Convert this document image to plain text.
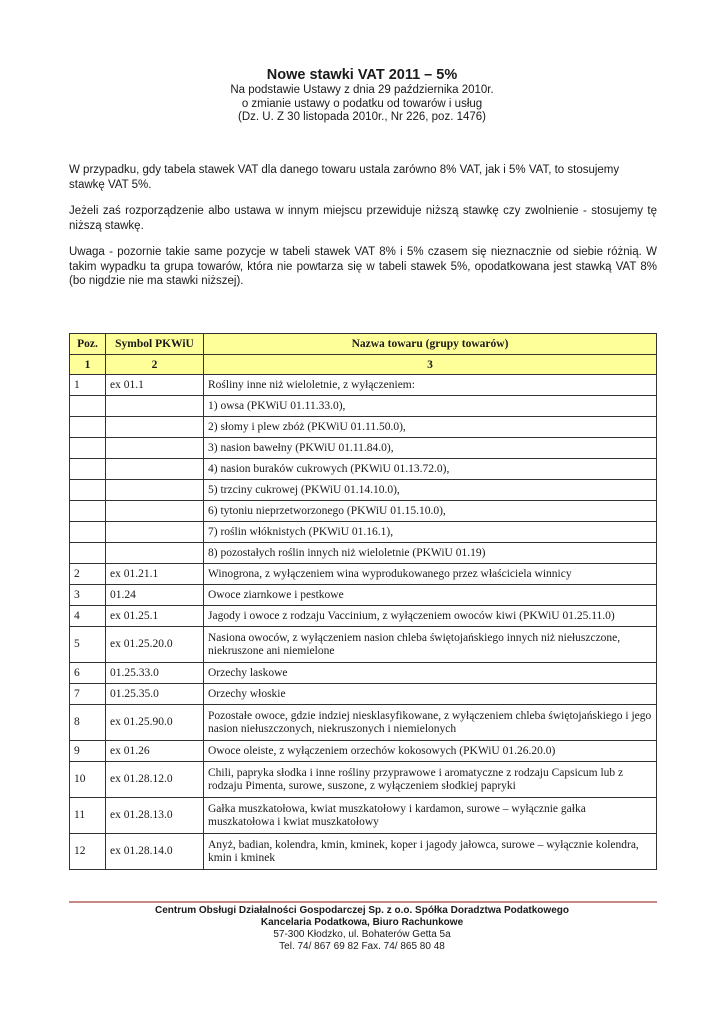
Nowe stawki VAT 2011 – 5%
Na podstawie Ustawy z dnia 29 października 2010r.
o zmianie ustawy o podatku od towarów i usług
(Dz. U. Z 30 listopada 2010r., Nr 226, poz. 1476)

W przypadku, gdy tabela stawek VAT dla danego towaru ustala zarówno 8% VAT, jak i 5% VAT, to stosujemy stawkę VAT 5%.

Jeżeli zaś rozporządzenie albo ustawa w innym miejscu przewiduje niższą stawkę czy zwolnienie - stosujemy tę niższą stawkę.

Uwaga - pozornie takie same pozycje w tabeli stawek VAT 8% i 5% czasem się nieznacznie od siebie różnią. W takim wypadku ta grupa towarów, która nie powtarza się w tabeli stawek 5%, opodatkowana jest stawką VAT 8% (bo nigdzie nie ma stawki niższej).

Poz.	Symbol PKWiU	Nazwa towaru (grupy towarów)
1	2	3
1	ex 01.1	Rośliny inne niż wieloletnie, z wyłączeniem:
		1) owsa (PKWiU 01.11.33.0),
		2) słomy i plew zbóż (PKWiU 01.11.50.0),
		3) nasion bawełny (PKWiU 01.11.84.0),
		4) nasion buraków cukrowych (PKWiU 01.13.72.0),
		5) trzciny cukrowej (PKWiU 01.14.10.0),
		6) tytoniu nieprzetworzonego (PKWiU 01.15.10.0),
		7) roślin włóknistych (PKWiU 01.16.1),
		8) pozostałych roślin innych niż wieloletnie (PKWiU 01.19)
2	ex 01.21.1	Winogrona, z wyłączeniem wina wyprodukowanego przez właściciela winnicy
3	01.24	Owoce ziarnkowe i pestkowe
4	ex 01.25.1	Jagody i owoce z rodzaju Vaccinium, z wyłączeniem owoców kiwi (PKWiU 01.25.11.0)
5	ex 01.25.20.0	Nasiona owoców, z wyłączeniem nasion chleba świętojańskiego innych niż niełuszczone, niekruszone ani niemielone
6	01.25.33.0	Orzechy laskowe
7	01.25.35.0	Orzechy włoskie
8	ex 01.25.90.0	Pozostałe owoce, gdzie indziej niesklasyfikowane, z wyłączeniem chleba świętojańskiego i jego nasion niełuszczonych, niekruszonych i niemielonych
9	ex 01.26	Owoce oleiste, z wyłączeniem orzechów kokosowych (PKWiU 01.26.20.0)
10	ex 01.28.12.0	Chili, papryka słodka i inne rośliny przyprawowe i aromatyczne z rodzaju Capsicum lub z rodzaju Pimenta, surowe, suszone, z wyłączeniem słodkiej papryki
11	ex 01.28.13.0	Gałka muszkatołowa, kwiat muszkatołowy i kardamon, surowe – wyłącznie gałka muszkatołowa i kwiat muszkatołowy
12	ex 01.28.14.0	Anyż, badian, kolendra, kmin, kminek, koper i jagody jałowca, surowe – wyłącznie kolendra, kmin i kminek
Centrum Obsługi Działalności Gospodarczej Sp. z o.o. Spółka Doradztwa Podatkowego
Kancelaria Podatkowa, Biuro Rachunkowe
57-300 Kłodzko, ul. Bohaterów Getta 5a
Tel. 74/ 867 69 82 Fax. 74/ 865 80 48
